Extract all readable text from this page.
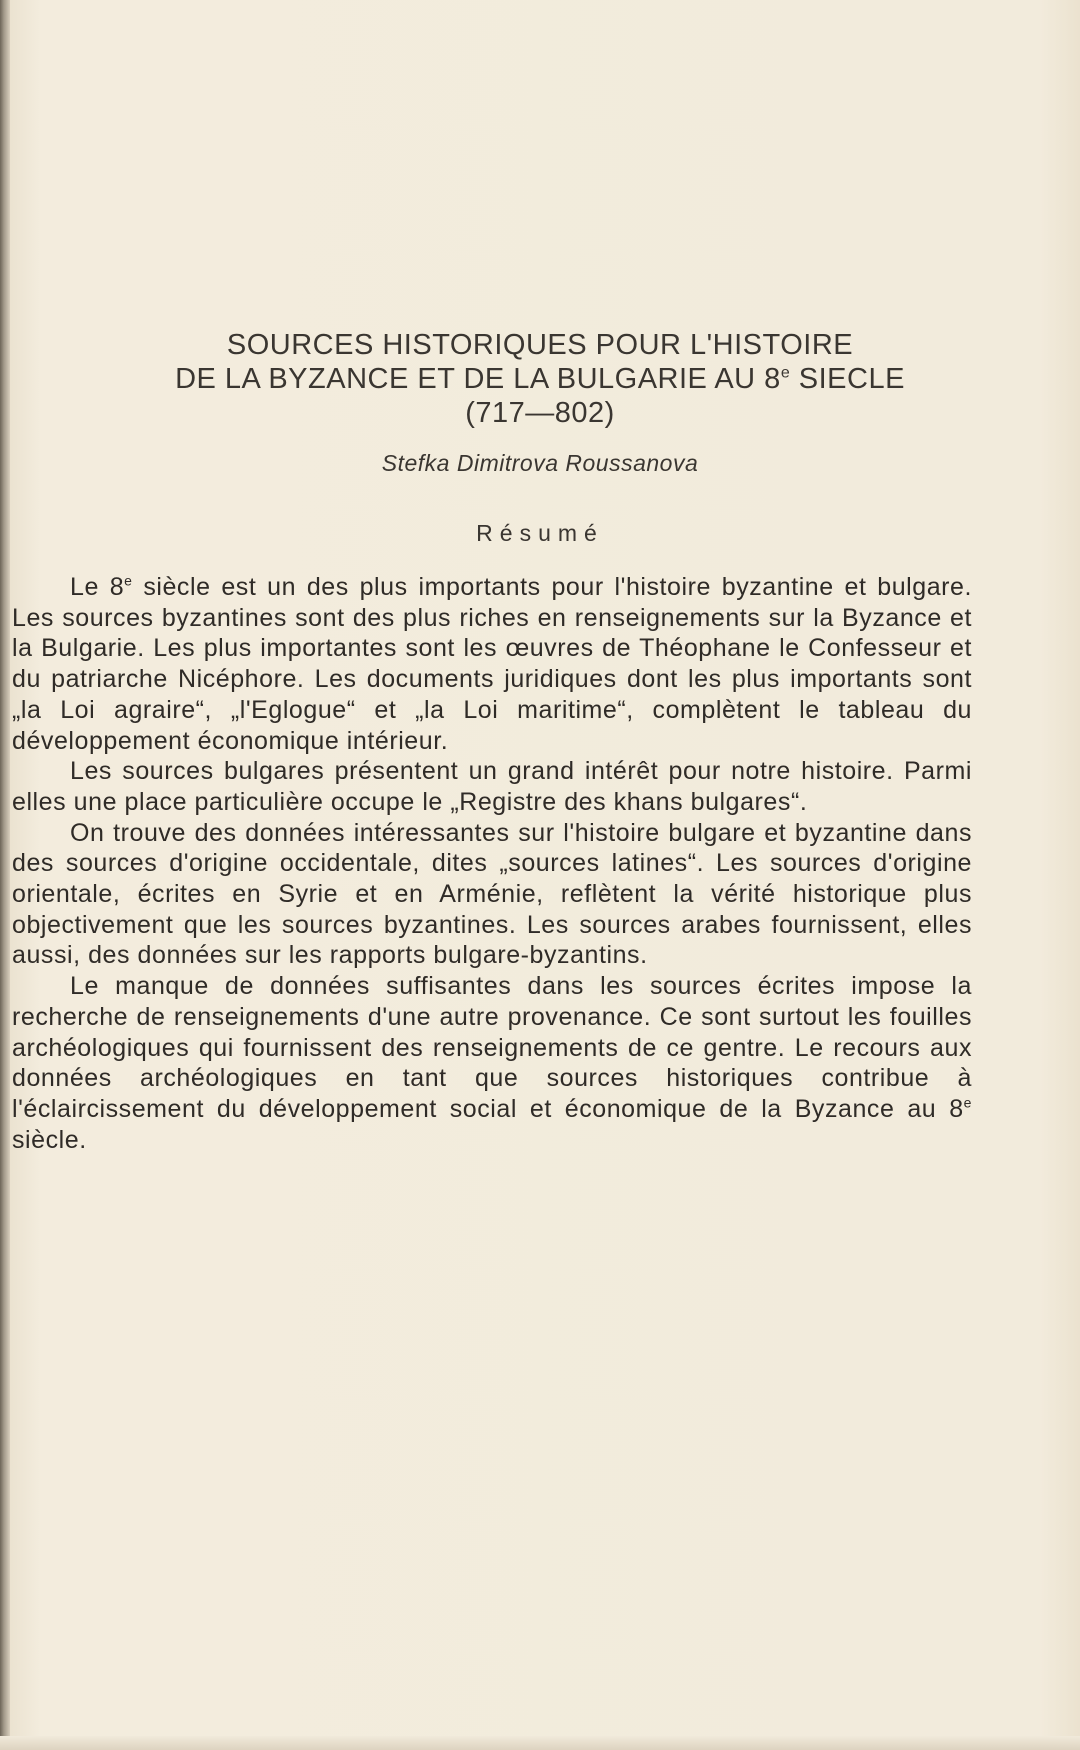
SOURCES HISTORIQUES POUR L'HISTOIRE

DE LA BYZANCE ET DE LA BULGARIE AU 8e SIECLE

(717—802)

Stefka Dimitrova Roussanova
Résumé

Le 8e siècle est un des plus importants pour l'histoire byzantine et bulgare. Les sources byzantines sont des plus riches en renseignements sur la Byzance et la Bulgarie. Les plus importantes sont les œuvres de Théophane le Confesseur et du patriarche Nicéphore. Les documents juridiques dont les plus importants sont „la Loi agraire“, „l'Eglogue“ et „la Loi maritime“, complètent le tableau du développement économique intérieur.

Les sources bulgares présentent un grand intérêt pour notre histoire. Parmi elles une place particulière occupe le „Registre des khans bulgares“.

On trouve des données intéressantes sur l'histoire bulgare et byzantine dans des sources d'origine occidentale, dites „sources latines“. Les sources d'origine orientale, écrites en Syrie et en Arménie, reflètent la vérité historique plus objectivement que les sources byzantines. Les sources arabes fournissent, elles aussi, des données sur les rapports bulgare-byzantins.

Le manque de données suffisantes dans les sources écrites impose la recherche de renseignements d'une autre provenance. Ce sont surtout les fouilles archéologiques qui fournissent des renseignements de ce gentre. Le recours aux données archéologiques en tant que sources historiques contribue à l'éclaircissement du développement social et économique de la Byzance au 8e siècle.
